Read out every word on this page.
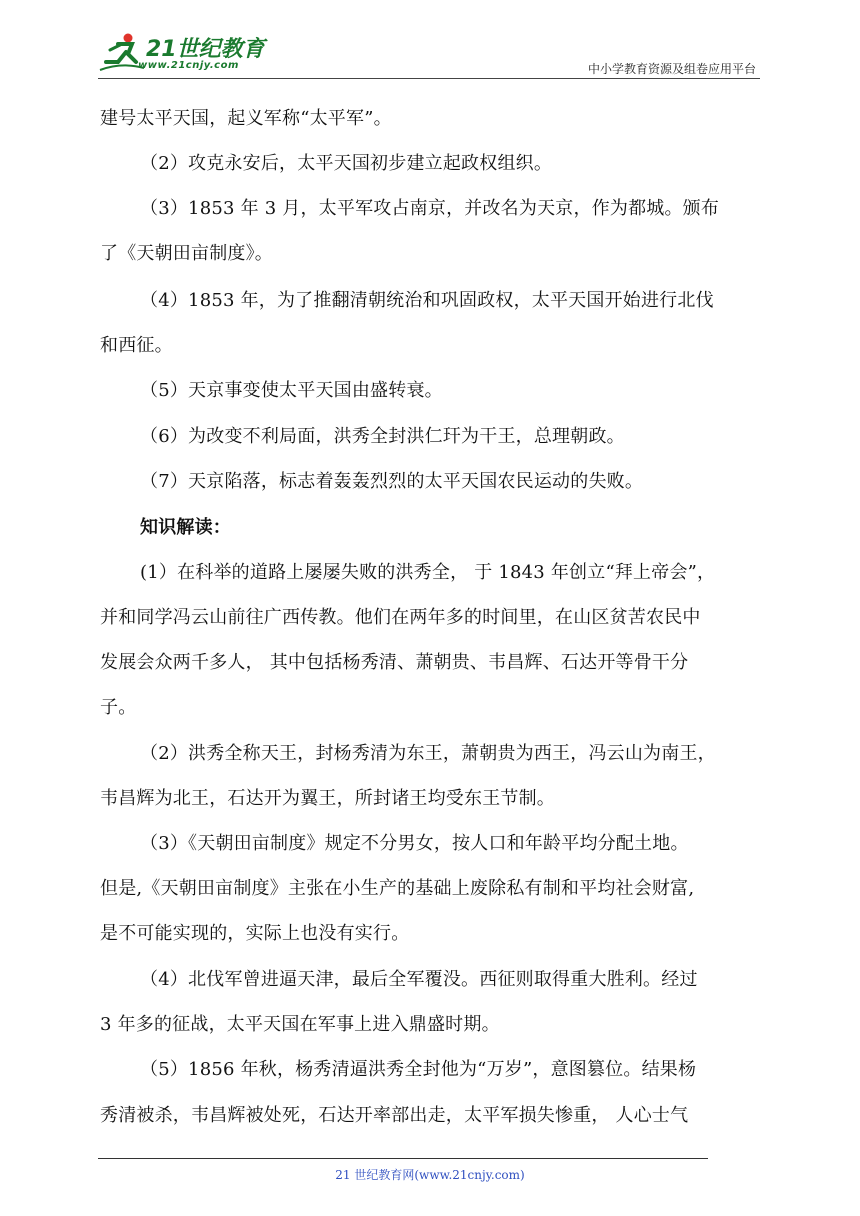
21世纪教育
www.21cnjy.com	中小学教育资源及组卷应用平台
建号太平天国，起义军称“太平军”。
（2）攻克永安后，太平天国初步建立起政权组织。
（3）1853 年 3 月，太平军攻占南京，并改名为天京，作为都城。颁布
了《天朝田亩制度》。
（4）1853 年，为了推翻清朝统治和巩固政权，太平天国开始进行北伐
和西征。
（5）天京事变使太平天国由盛转衰。
（6）为改变不利局面，洪秀全封洪仁玕为干王，总理朝政。
（7）天京陷落，标志着轰轰烈烈的太平天国农民运动的失败。
知识解读：
(1）在科举的道路上屡屡失败的洪秀全， 于 1843 年创立“拜上帝会”，
并和同学冯云山前往广西传教。他们在两年多的时间里，在山区贫苦农民中
发展会众两千多人， 其中包括杨秀清、萧朝贵、韦昌辉、石达开等骨干分
子。
（2）洪秀全称天王，封杨秀清为东王，萧朝贵为西王，冯云山为南王，
韦昌辉为北王，石达开为翼王，所封诸王均受东王节制。
（3）《天朝田亩制度》规定不分男女，按人口和年龄平均分配土地。
但是,《天朝田亩制度》主张在小生产的基础上废除私有制和平均社会财富,
是不可能实现的，实际上也没有实行。
（4）北伐军曾进逼天津，最后全军覆没。西征则取得重大胜利。经过
3 年多的征战，太平天国在军事上进入鼎盛时期。
（5）1856 年秋，杨秀清逼洪秀全封他为“万岁”，意图篡位。结果杨
秀清被杀，韦昌辉被处死，石达开率部出走，太平军损失惨重， 人心士气
21 世纪教育网(www.21cnjy.com)
